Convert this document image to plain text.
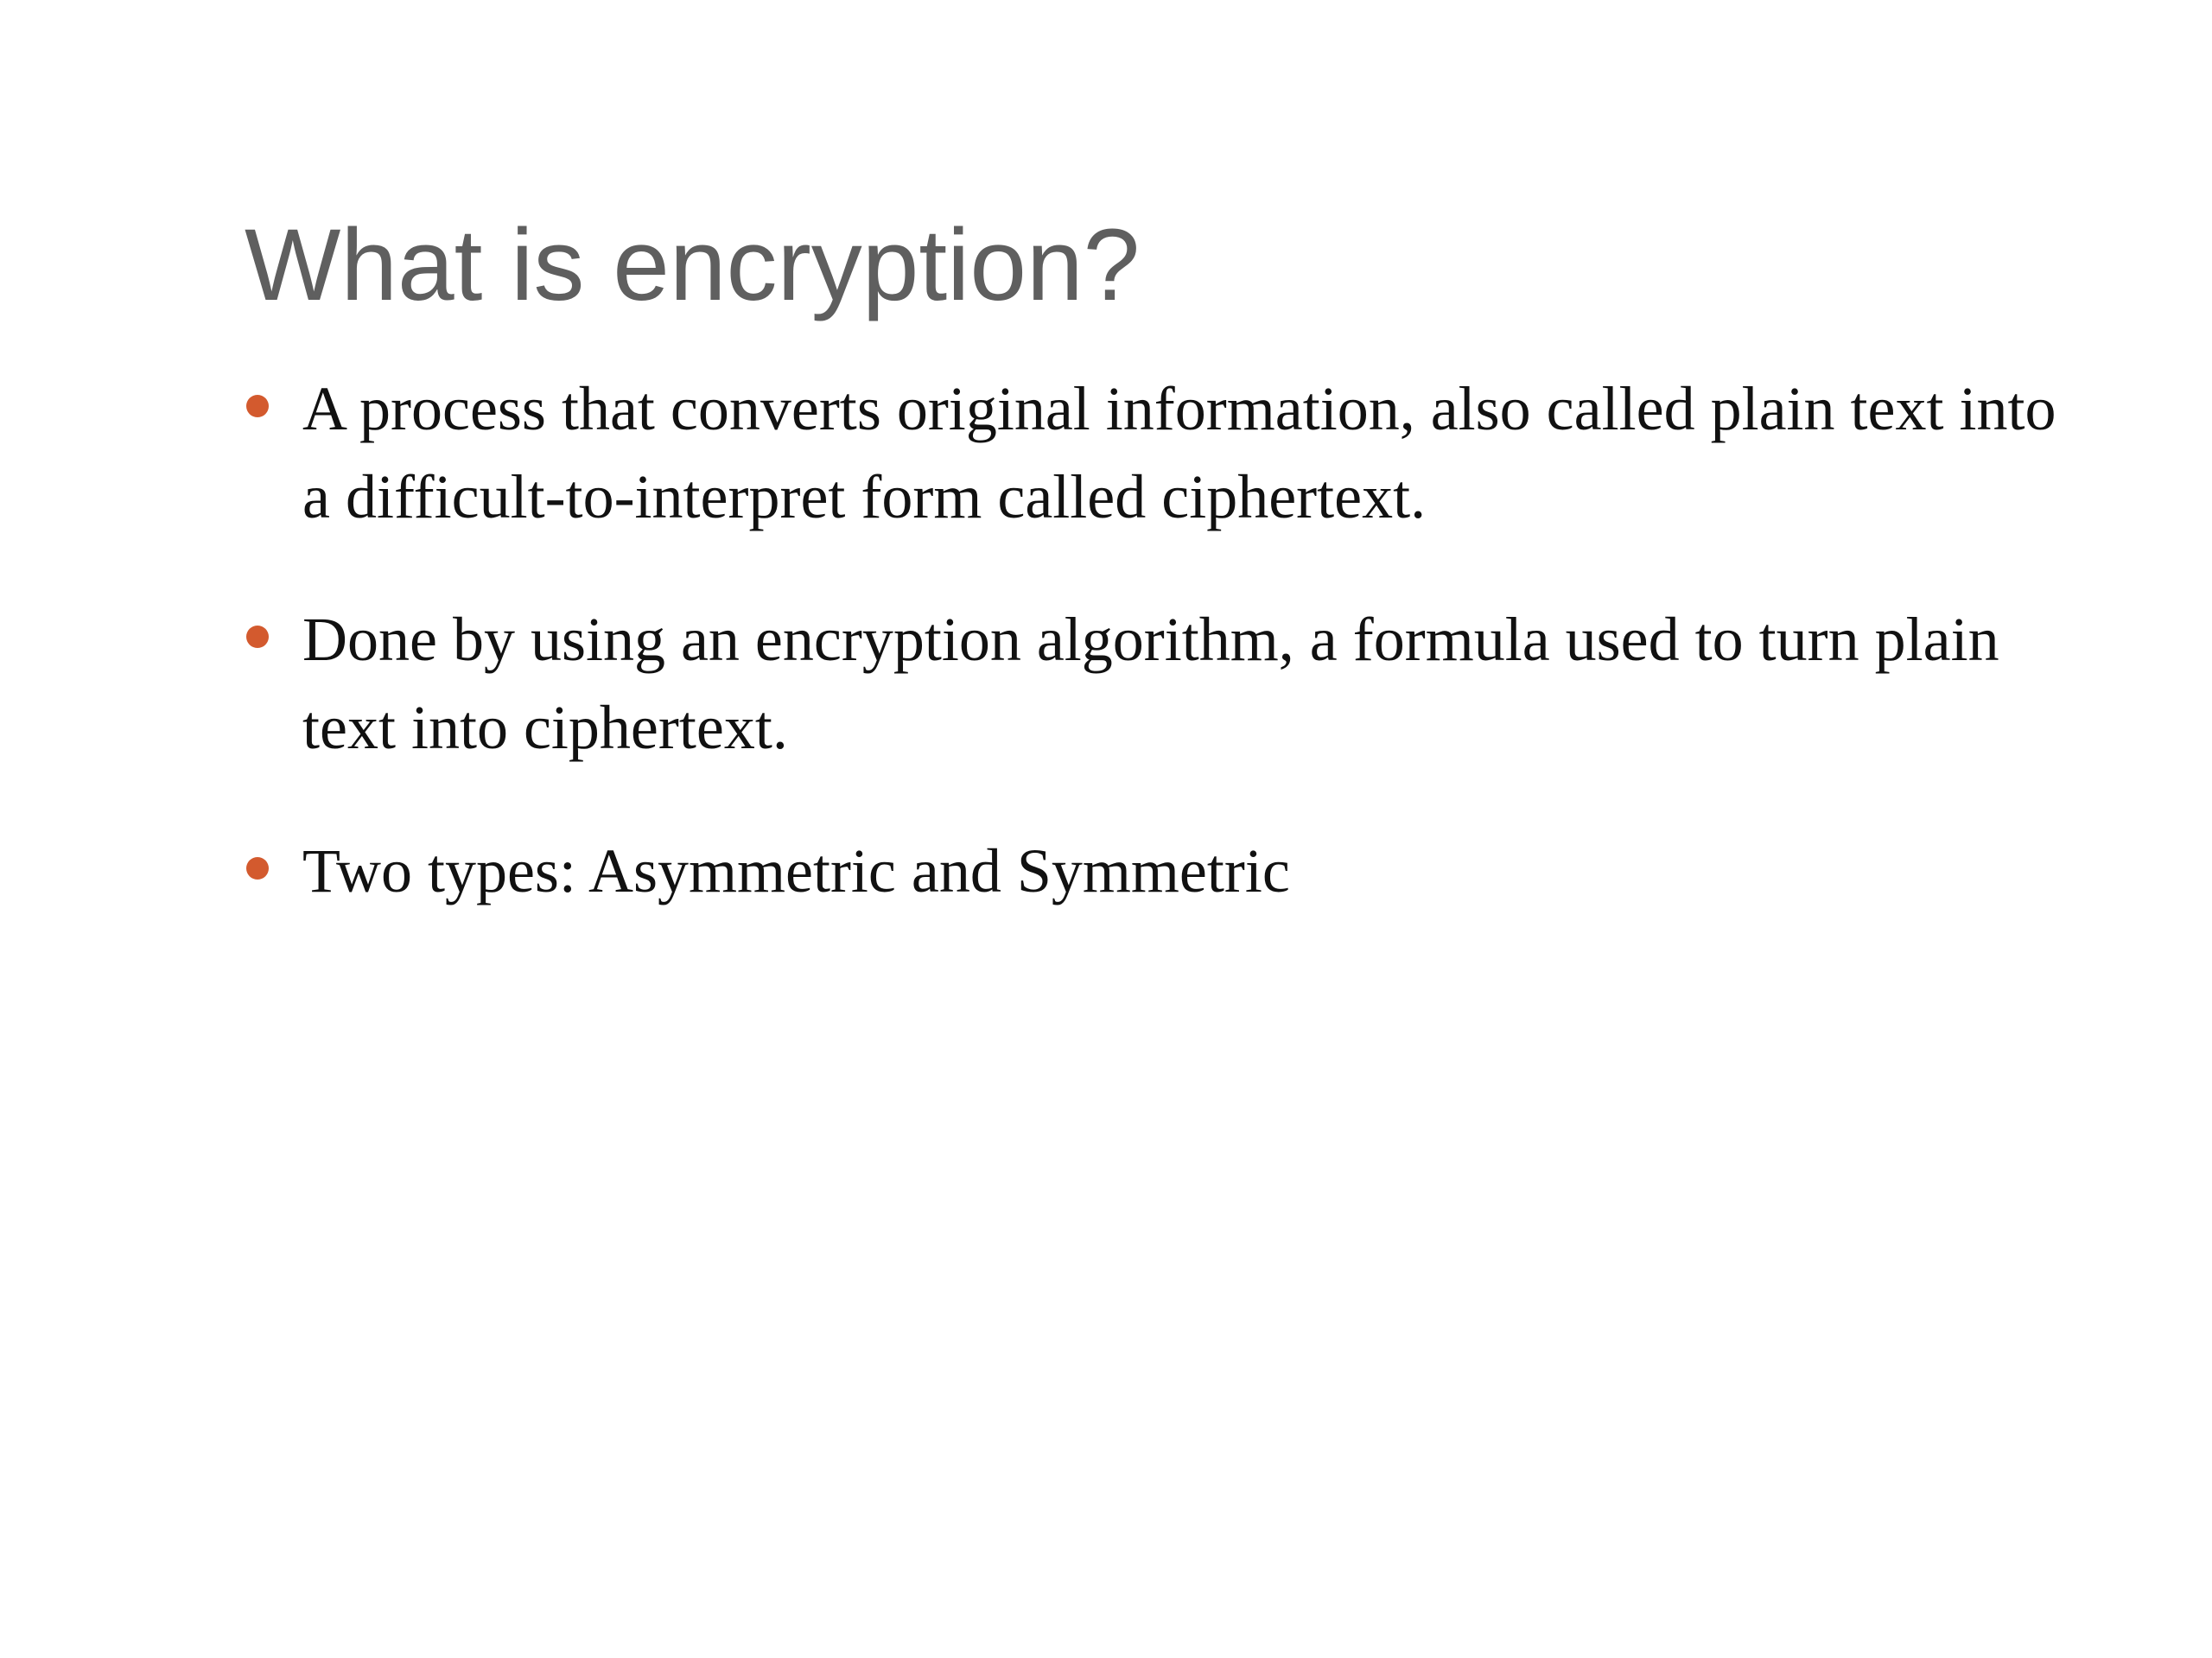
What is encryption?
A process that converts original information, also called plain text into a difficult-to-interpret form called ciphertext.
Done by using an encryption algorithm, a formula used to turn plain text into ciphertext.
Two types: Asymmetric and Symmetric
